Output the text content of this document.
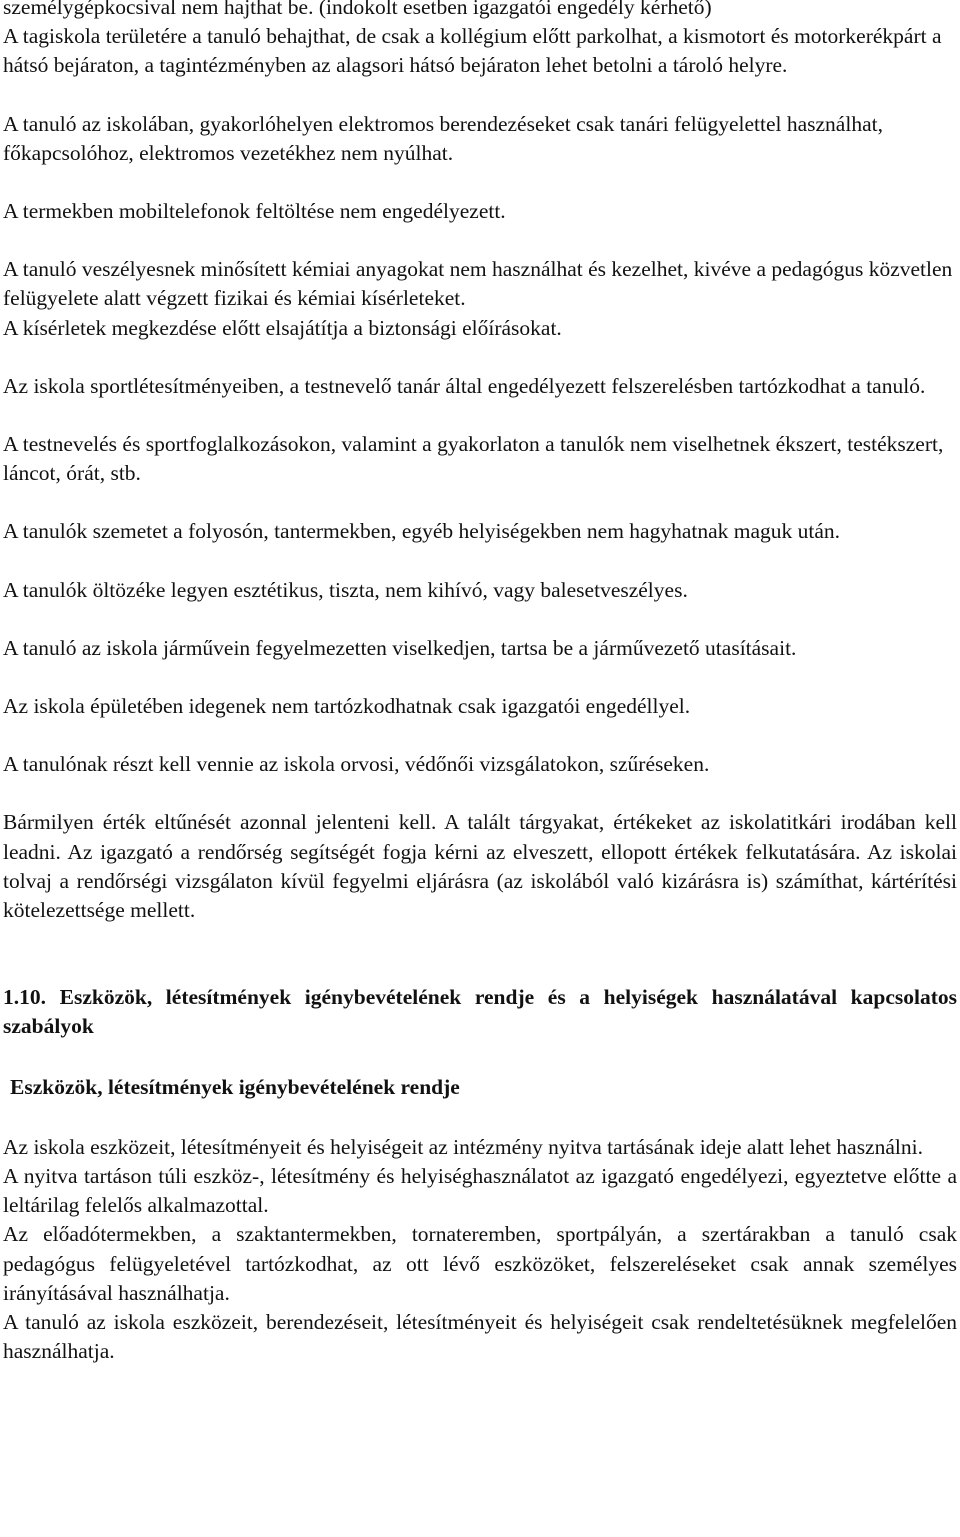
személygépkocsival nem hajthat be. (indokolt esetben igazgatói engedély kérhető)

A tagiskola területére a tanuló behajthat, de csak a kollégium előtt parkolhat, a kismotort és motorkerékpárt a hátsó bejáraton, a tagintézményben az alagsori hátsó bejáraton lehet betolni a tároló helyre.

A tanuló az iskolában, gyakorlóhelyen elektromos berendezéseket csak tanári felügyelettel használhat, főkapcsolóhoz, elektromos vezetékhez nem nyúlhat.

A termekben mobiltelefonok feltöltése nem engedélyezett.

A tanuló veszélyesnek minősített kémiai anyagokat nem használhat és kezelhet, kivéve a pedagógus közvetlen felügyelete alatt végzett fizikai és kémiai kísérleteket.

A kísérletek megkezdése előtt elsajátítja a biztonsági előírásokat.

Az iskola sportlétesítményeiben, a testnevelő tanár által engedélyezett felszerelésben tartózkodhat a tanuló.

A testnevelés és sportfoglalkozásokon, valamint a gyakorlaton a tanulók nem viselhetnek ékszert, testékszert, láncot, órát, stb.

A tanulók szemetet a folyosón, tantermekben, egyéb helyiségekben nem hagyhatnak maguk után.

A tanulók öltözéke legyen esztétikus, tiszta, nem kihívó, vagy balesetveszélyes.

A tanuló az iskola járművein fegyelmezetten viselkedjen, tartsa be a járművezető utasításait.

Az iskola épületében idegenek nem tartózkodhatnak csak igazgatói engedéllyel.

A tanulónak részt kell vennie az iskola orvosi, védőnői vizsgálatokon, szűréseken.

Bármilyen érték eltűnését azonnal jelenteni kell. A talált tárgyakat, értékeket az iskolatitkári irodában kell leadni. Az igazgató a rendőrség segítségét fogja kérni az elveszett, ellopott értékek felkutatására. Az iskolai tolvaj a rendőrségi vizsgálaton kívül fegyelmi eljárásra (az iskolából való kizárásra is) számíthat, kártérítési kötelezettsége mellett.

1.10. Eszközök, létesítmények igénybevételének rendje és a helyiségek használatával kapcsolatos szabályok
Eszközök, létesítmények igénybevételének rendje

Az iskola eszközeit, létesítményeit és helyiségeit az intézmény nyitva tartásának ideje alatt lehet használni.

A nyitva tartáson túli eszköz-, létesítmény és helyiséghasználatot az igazgató engedélyezi, egyeztetve előtte a leltárilag felelős alkalmazottal.

Az előadótermekben, a szaktantermekben, tornateremben, sportpályán, a szertárakban a tanuló csak pedagógus felügyeletével tartózkodhat, az ott lévő eszközöket, felszereléseket csak annak személyes irányításával használhatja.

A tanuló az iskola eszközeit, berendezéseit, létesítményeit és helyiségeit csak rendeltetésüknek megfelelően használhatja.
